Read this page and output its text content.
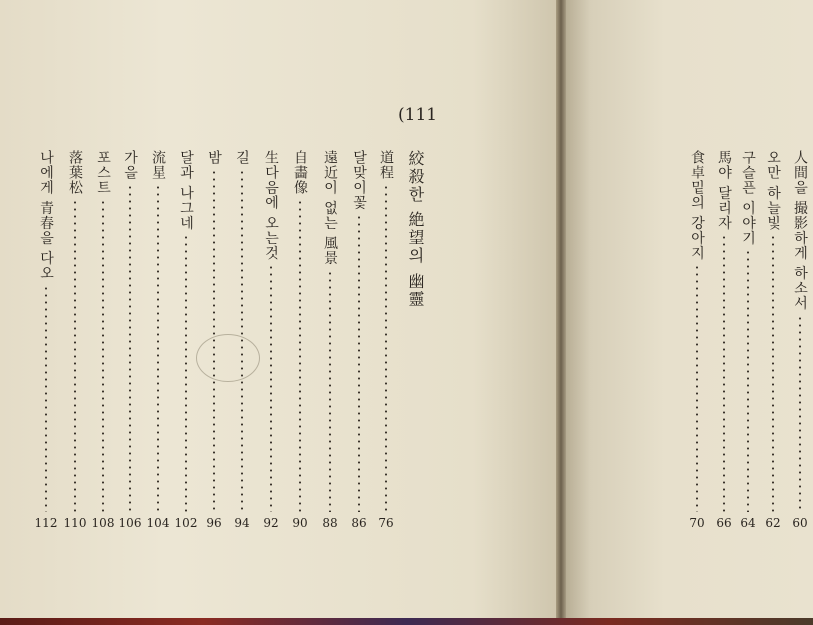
(111
絞殺한 絶望의 幽靈
道程
달맞이꽃
遠近이 없는 風景
自畵像
生다음에 오는것
길
밤
달과 나그네
流星
가을
포스트
落葉松
나에게 青春을 다오
76
86
88
90
92
94
96
102
104
106
108
110
112
人間을 撮影하게 하소서
오만 하늘빛
구슬픈 이야기
馬야 달리자
食卓밑의 강아지
60
62
64
66
70
